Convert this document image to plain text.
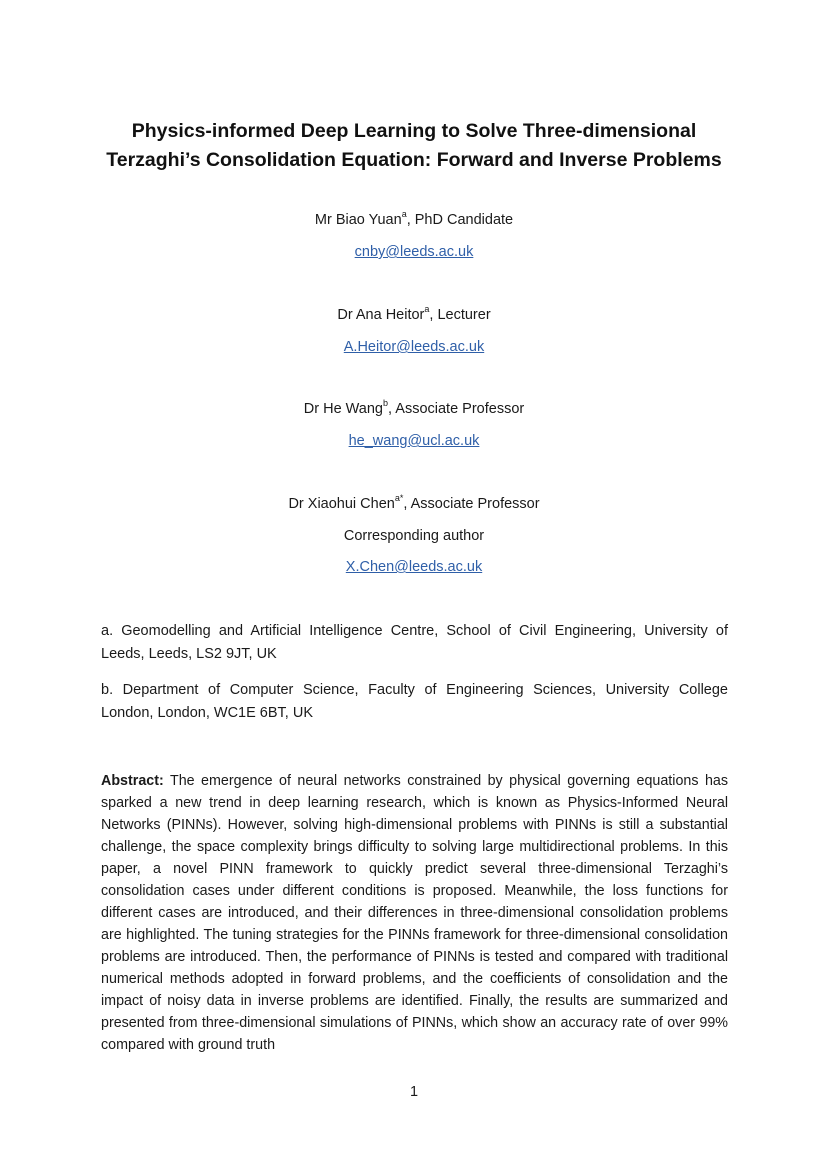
Physics-informed Deep Learning to Solve Three-dimensional
Terzaghi’s Consolidation Equation: Forward and Inverse Problems
Mr Biao Yuan$^a$, PhD Candidate
cnby@leeds.ac.uk
Dr Ana Heitor$^a$, Lecturer
A.Heitor@leeds.ac.uk
Dr He Wang$^b$, Associate Professor
he_wang@ucl.ac.uk
Dr Xiaohui Chen$^{a*}$, Associate Professor
Corresponding author
X.Chen@leeds.ac.uk
a. Geomodelling and Artificial Intelligence Centre, School of Civil Engineering, University of Leeds, Leeds, LS2 9JT, UK
b. Department of Computer Science, Faculty of Engineering Sciences, University College London, London, WC1E 6BT, UK
Abstract: The emergence of neural networks constrained by physical governing equations has sparked a new trend in deep learning research, which is known as Physics-Informed Neural Networks (PINNs). However, solving high-dimensional problems with PINNs is still a substantial challenge, the space complexity brings difficulty to solving large multidirectional problems. In this paper, a novel PINN framework to quickly predict several three-dimensional Terzaghi’s consolidation cases under different conditions is proposed. Meanwhile, the loss functions for different cases are introduced, and their differences in three-dimensional consolidation problems are highlighted. The tuning strategies for the PINNs framework for three-dimensional consolidation problems are introduced. Then, the performance of PINNs is tested and compared with traditional numerical methods adopted in forward problems, and the coefficients of consolidation and the impact of noisy data in inverse problems are identified. Finally, the results are summarized and presented from three-dimensional simulations of PINNs, which show an accuracy rate of over 99% compared with ground truth
1
